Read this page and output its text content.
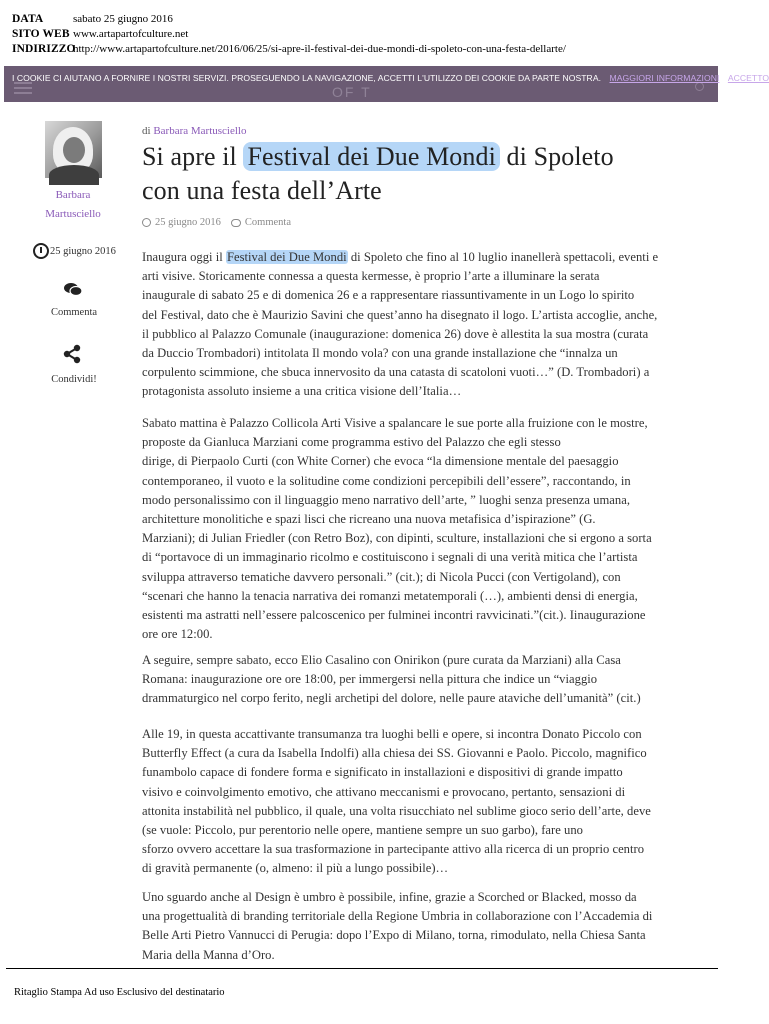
DATA	sabato 25 giugno 2016
SITO WEB www.artapartofculture.net
INDIRIZZO
http://www.artapartofculture.net/2016/06/25/si-apre-il-festival-dei-due-mondi-di-spoleto-con-una-festa-dellarte/
OF T
I COOKIE CI AIUTANO A FORNIRE I NOSTRI SERVIZI. PROSEGUENDO LA NAVIGAZIONE, ACCETTI L'UTILIZZO DEI COOKIE DA PARTE NOSTRA. MAGGIORI INFORMAZIONI ACCETTO
Barbara
Martusciello
25 giugno 2016
Commenta
Condividi!
di Barbara Martusciello
Si apre il Festival dei Due Mondi di Spoleto
con una festa dell’Arte
25 giugno 2016 Commenta
Inaugura oggi il Festival dei Due Mondi di Spoleto che fino al 10 luglio inanellerà spettacoli, eventi e
arti visive. Storicamente connessa a questa kermesse, è proprio l’arte a illuminare la serata
inaugurale di sabato 25 e di domenica 26 e a rappresentare riassuntivamente in un Logo lo spirito
del Festival, dato che è Maurizio Savini che quest’anno ha disegnato il logo. L’artista accoglie, anche,
il pubblico al Palazzo Comunale (inaugurazione: domenica 26) dove è allestita la sua mostra (curata
da Duccio Trombadori) intitolata Il mondo vola? con una grande installazione che “innalza un
corpulento scimmione, che sbuca innervosito da una catasta di scatoloni vuoti…” (D. Trombadori) a
protagonista assoluto insieme a una critica visione dell’Italia…
Sabato mattina è Palazzo Collicola Arti Visive a spalancare le sue porte alla fruizione con le mostre,
proposte da Gianluca Marziani come programma estivo del Palazzo che egli stesso
dirige, di Pierpaolo Curti (con White Corner) che evoca “la dimensione mentale del paesaggio
contemporaneo, il vuoto e la solitudine come condizioni percepibili dell’essere”, raccontando, in
modo personalissimo con il linguaggio meno narrativo dell’arte, ” luoghi senza presenza umana,
architetture monolitiche e spazi lisci che ricreano una nuova metafisica d’ispirazione” (G.
Marziani); di Julian Friedler (con Retro Boz), con dipinti, sculture, installazioni che si ergono a sorta
di “portavoce di un immaginario ricolmo e costituiscono i segnali di una verità mitica che l’artista
sviluppa attraverso tematiche davvero personali.” (cit.); di Nicola Pucci (con Vertigoland), con
“scenari che hanno la tenacia narrativa dei romanzi metatemporali (…), ambienti densi di energia,
esistenti ma astratti nell’essere palcoscenico per fulminei incontri ravvicinati.”(cit.). Iinaugurazione
ore ore 12:00.
A seguire, sempre sabato, ecco Elio Casalino con Onirikon (pure curata da Marziani) alla Casa
Romana: inaugurazione ore ore 18:00, per immergersi nella pittura che indice un “viaggio
drammaturgico nel corpo ferito, negli archetipi del dolore, nelle paure ataviche dell’umanità” (cit.)
Alle 19, in questa accattivante transumanza tra luoghi belli e opere, si incontra Donato Piccolo con
Butterfly Effect (a cura da Isabella Indolfi) alla chiesa dei SS. Giovanni e Paolo. Piccolo, magnifico
funambolo capace di fondere forma e significato in installazioni e dispositivi di grande impatto
visivo e coinvolgimento emotivo, che attivano meccanismi e provocano, pertanto, sensazioni di
attonita instabilità nel pubblico, il quale, una volta risucchiato nel sublime gioco serio dell’arte, deve
(se vuole: Piccolo, pur perentorio nelle opere, mantiene sempre un suo garbo), fare uno
sforzo ovvero accettare la sua trasformazione in partecipante attivo alla ricerca di un proprio centro
di gravità permanente (o, almeno: il più a lungo possibile)…
Uno sguardo anche al Design è umbro è possibile, infine, grazie a Scorched or Blacked, mosso da
una progettualità di branding territoriale della Regione Umbria in collaborazione con l’Accademia di
Belle Arti Pietro Vannucci di Perugia: dopo l’Expo di Milano, torna, rimodulato, nella Chiesa Santa
Maria della Manna d’Oro.
Ritaglio Stampa Ad uso Esclusivo del destinatario
